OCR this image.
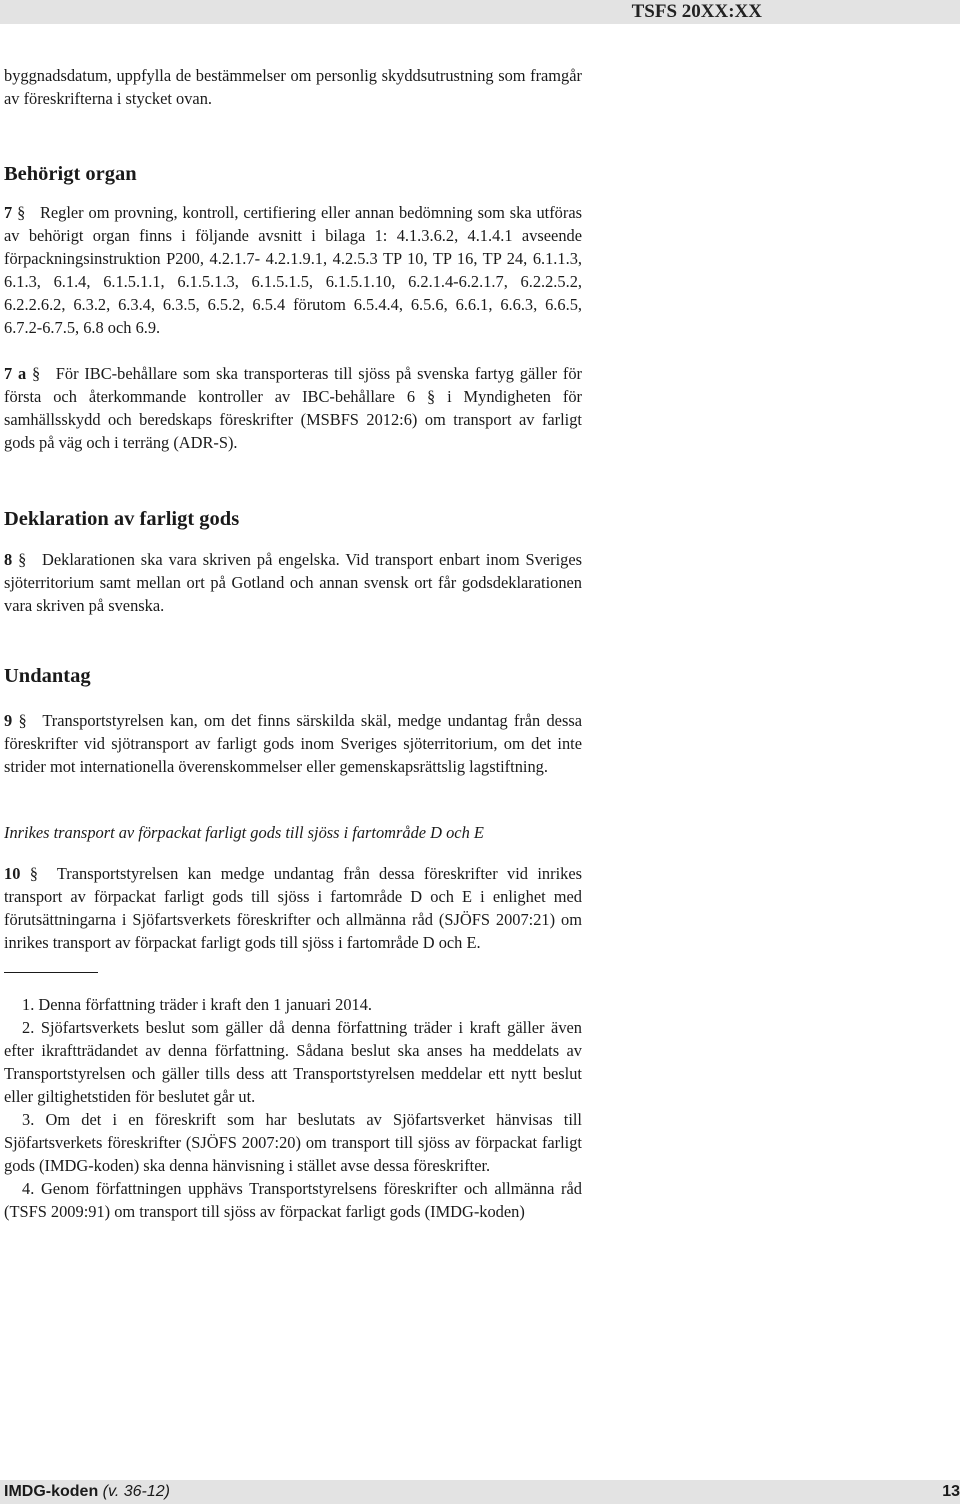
TSFS 20XX:XX

byggnadsdatum, uppfylla de bestämmelser om personlig skyddsutrustning som framgår av föreskrifterna i stycket ovan.

Behörigt organ

7 § Regler om provning, kontroll, certifiering eller annan bedömning som ska utföras av behörigt organ finns i följande avsnitt i bilaga 1: 4.1.3.6.2, 4.1.4.1 avseende förpackningsinstruktion P200, 4.2.1.7- 4.2.1.9.1, 4.2.5.3 TP 10, TP 16, TP 24, 6.1.1.3, 6.1.3, 6.1.4, 6.1.5.1.1, 6.1.5.1.3, 6.1.5.1.5, 6.1.5.1.10, 6.2.1.4-6.2.1.7, 6.2.2.5.2, 6.2.2.6.2, 6.3.2, 6.3.4, 6.3.5, 6.5.2, 6.5.4 förutom 6.5.4.4, 6.5.6, 6.6.1, 6.6.3, 6.6.5, 6.7.2-6.7.5, 6.8 och 6.9.

7 a § För IBC-behållare som ska transporteras till sjöss på svenska fartyg gäller för första och återkommande kontroller av IBC-behållare 6 § i Myndigheten för samhällsskydd och beredskaps föreskrifter (MSBFS 2012:6) om transport av farligt gods på väg och i terräng (ADR-S).

Deklaration av farligt gods

8 § Deklarationen ska vara skriven på engelska. Vid transport enbart inom Sveriges sjöterritorium samt mellan ort på Gotland och annan svensk ort får godsdeklarationen vara skriven på svenska.

Undantag

9 § Transportstyrelsen kan, om det finns särskilda skäl, medge undantag från dessa föreskrifter vid sjötransport av farligt gods inom Sveriges sjöterritorium, om det inte strider mot internationella överenskommelser eller gemenskapsrättslig lagstiftning.

Inrikes transport av förpackat farligt gods till sjöss i fartområde D och E

10 § Transportstyrelsen kan medge undantag från dessa föreskrifter vid inrikes transport av förpackat farligt gods till sjöss i fartområde D och E i enlighet med förutsättningarna i Sjöfartsverkets föreskrifter och allmänna råd (SJÖFS 2007:21) om inrikes transport av förpackat farligt gods till sjöss i fartområde D och E.

1. Denna författning träder i kraft den 1 januari 2014.

2. Sjöfartsverkets beslut som gäller då denna författning träder i kraft gäller även efter ikraftträdandet av denna författning. Sådana beslut ska anses ha meddelats av Transportstyrelsen och gäller tills dess att Transportstyrelsen meddelar ett nytt beslut eller giltighetstiden för beslutet går ut.

3. Om det i en föreskrift som har beslutats av Sjöfartsverket hänvisas till Sjöfartsverkets föreskrifter (SJÖFS 2007:20) om transport till sjöss av förpackat farligt gods (IMDG-koden) ska denna hänvisning i stället avse dessa föreskrifter.

4. Genom författningen upphävs Transportstyrelsens föreskrifter och allmänna råd (TSFS 2009:91) om transport till sjöss av förpackat farligt gods (IMDG-koden)

IMDG-koden (v. 36-12)	13
